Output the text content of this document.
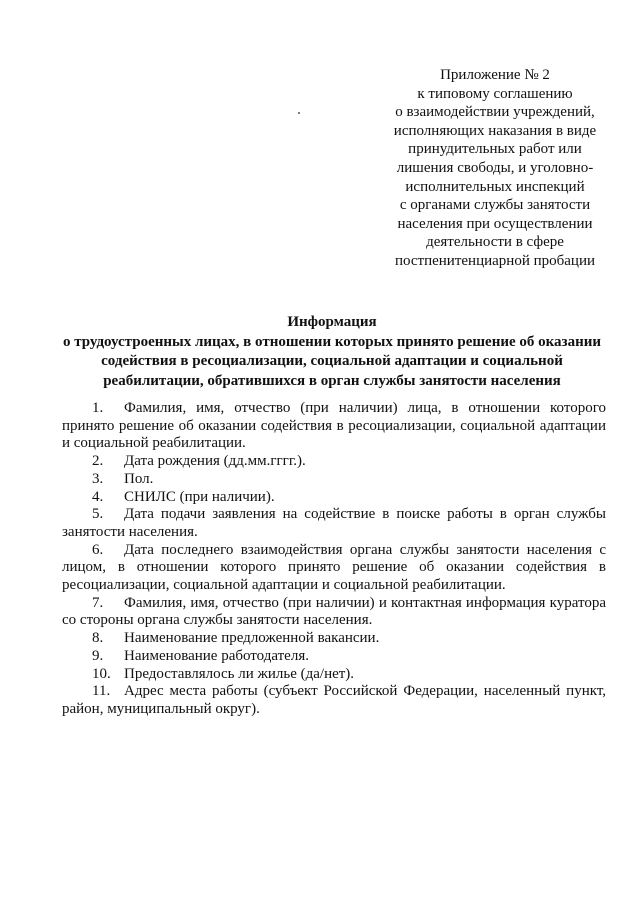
Приложение № 2
к типовому соглашению
о взаимодействии учреждений,
исполняющих наказания в виде
принудительных работ или
лишения свободы, и уголовно-
исполнительных инспекций
с органами службы занятости
населения при осуществлении
деятельности в сфере
постпенитенциарной пробации
Информация
о трудоустроенных лицах, в отношении которых принято решение об оказании
содействия в ресоциализации, социальной адаптации и социальной
реабилитации, обратившихся в орган службы занятости населения

1. Фамилия, имя, отчество (при наличии) лица, в отношении которого принято решение об оказании содействия в ресоциализации, социальной адаптации и социальной реабилитации.

2. Дата рождения (дд.мм.гггг.).

3. Пол.

4. СНИЛС (при наличии).

5. Дата подачи заявления на содействие в поиске работы в орган службы занятости населения.

6. Дата последнего взаимодействия органа службы занятости населения с лицом, в отношении которого принято решение об оказании содействия в ресоциализации, социальной адаптации и социальной реабилитации.

7. Фамилия, имя, отчество (при наличии) и контактная информация куратора со стороны органа службы занятости населения.

8. Наименование предложенной вакансии.

9. Наименование работодателя.

10. Предоставлялось ли жилье (да/нет).

11. Адрес места работы (субъект Российской Федерации, населенный пункт, район, муниципальный округ).
